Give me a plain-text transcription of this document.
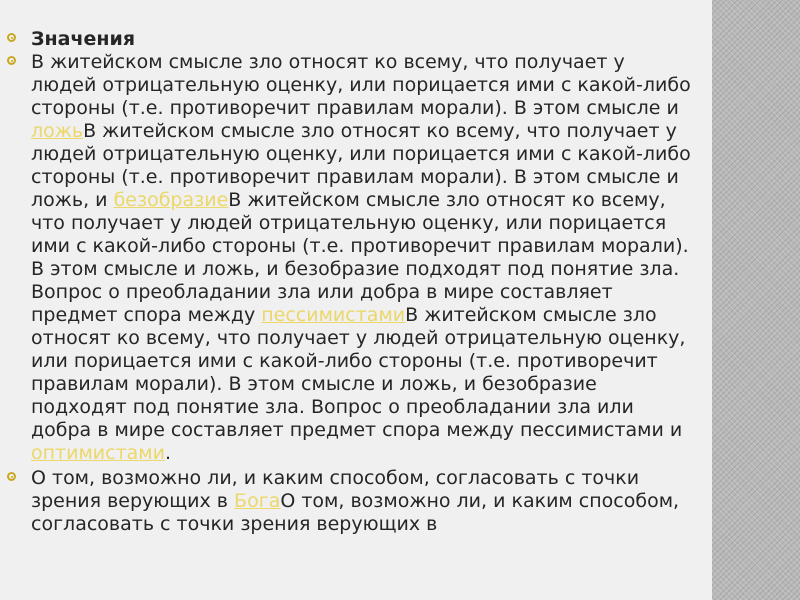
Значения
В житейском смысле зло относят ко всему, что получает у людей отрицательную оценку, или порицается ими с какой-либо стороны (т.е. противоречит правилам морали). В этом смысле и ложьВ житейском смысле зло относят ко всему, что получает у людей отрицательную оценку, или порицается ими с какой-либо стороны (т.е. противоречит правилам морали). В этом смысле и ложь, и безобразиеВ житейском смысле зло относят ко всему, что получает у людей отрицательную оценку, или порицается ими с какой-либо стороны (т.е. противоречит правилам морали). В этом смысле и ложь, и безобразие подходят под понятие зла. Вопрос о преобладании зла или добра в мире составляет предмет спора между пессимистамиВ житейском смысле зло относят ко всему, что получает у людей отрицательную оценку, или порицается ими с какой-либо стороны (т.е. противоречит правилам морали). В этом смысле и ложь, и безобразие подходят под понятие зла. Вопрос о преобладании зла или добра в мире составляет предмет спора между пессимистами и оптимистами.
О том, возможно ли, и каким способом, согласовать с точки зрения верующих в БогаО том, возможно ли, и каким способом, согласовать с точки зрения верующих в
